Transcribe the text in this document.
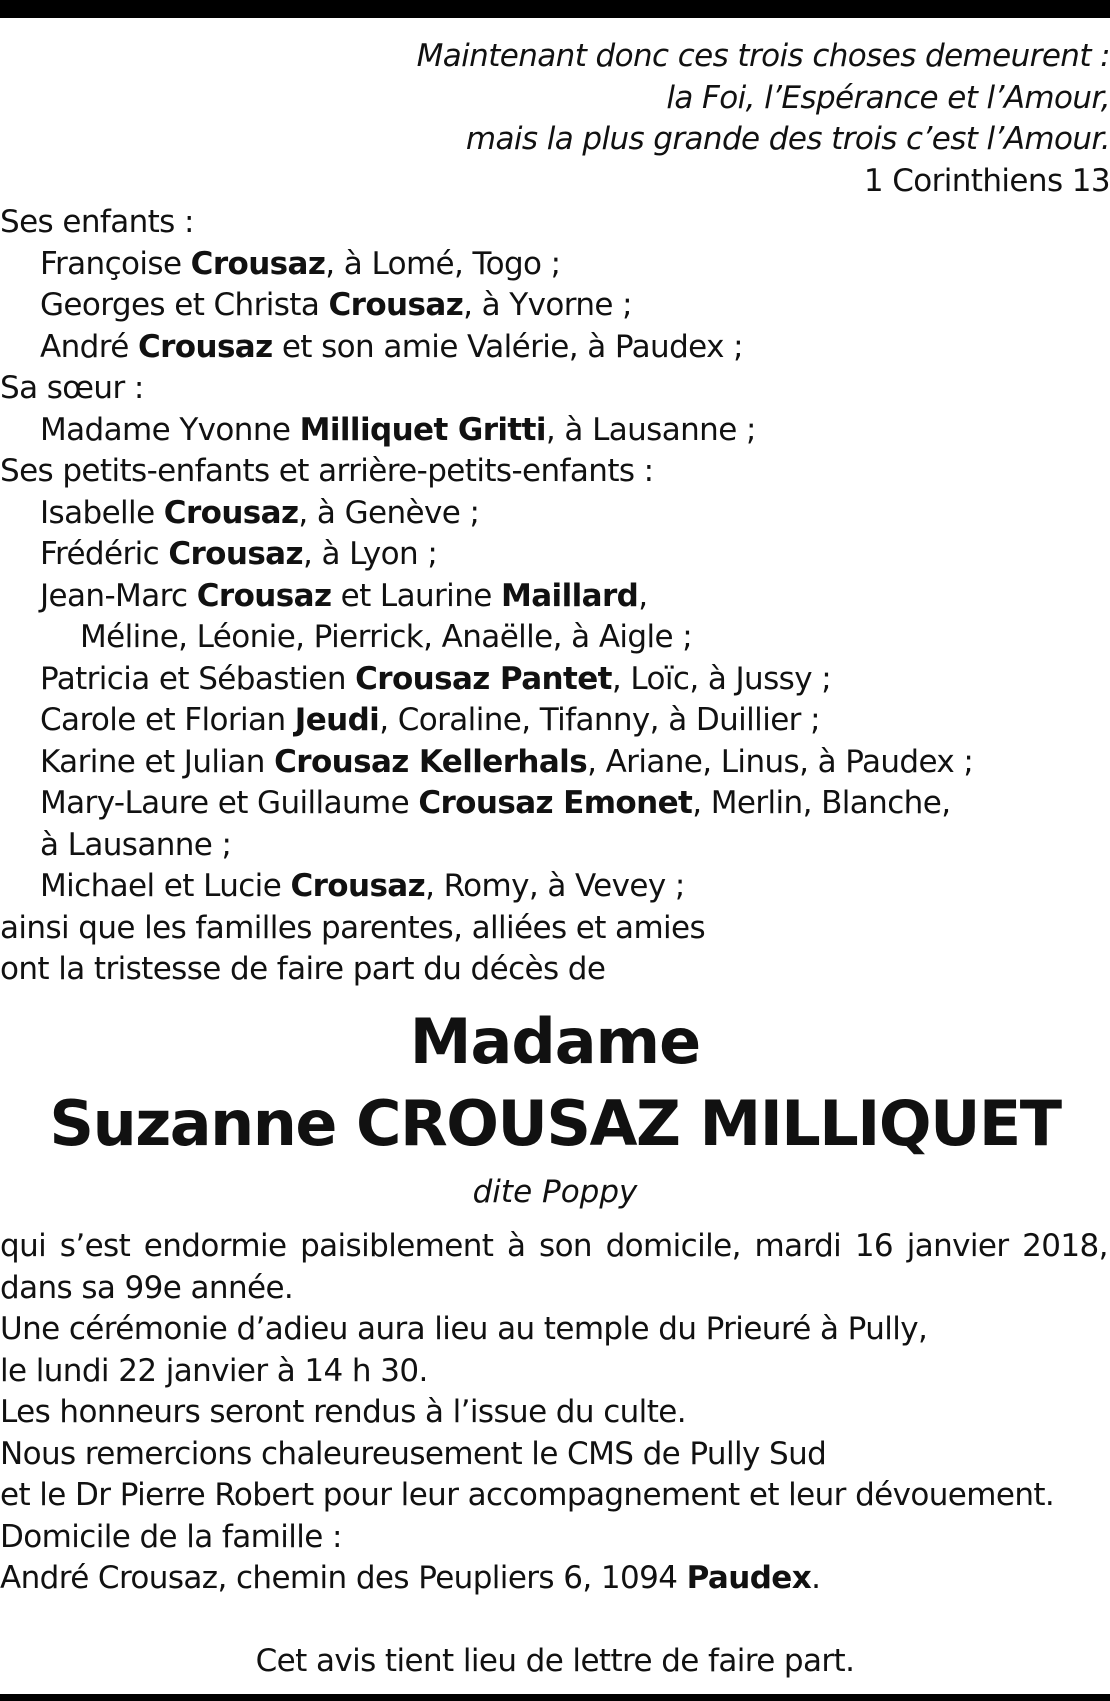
Maintenant donc ces trois choses demeurent :
la Foi, l’Espérance et l’Amour,
mais la plus grande des trois c’est l’Amour.
1 Corinthiens 13
Ses enfants :
Françoise Crousaz, à Lomé, Togo ;
Georges et Christa Crousaz, à Yvorne ;
André Crousaz et son amie Valérie, à Paudex ;
Sa sœur :
Madame Yvonne Milliquet Gritti, à Lausanne ;
Ses petits-enfants et arrière-petits-enfants :
Isabelle Crousaz, à Genève ;
Frédéric Crousaz, à Lyon ;
Jean-Marc Crousaz et Laurine Maillard,
Méline, Léonie, Pierrick, Anaëlle, à Aigle ;
Patricia et Sébastien Crousaz Pantet, Loïc, à Jussy ;
Carole et Florian Jeudi, Coraline, Tifanny, à Duillier ;
Karine et Julian Crousaz Kellerhals, Ariane, Linus, à Paudex ;
Mary-Laure et Guillaume Crousaz Emonet, Merlin, Blanche,
à Lausanne ;
Michael et Lucie Crousaz, Romy, à Vevey ;
ainsi que les familles parentes, alliées et amies
ont la tristesse de faire part du décès de
Madame
Suzanne CROUSAZ MILLIQUET
dite Poppy
qui s’est endormie paisiblement à son domicile, mardi 16 janvier 2018,
dans sa 99e année.
Une cérémonie d’adieu aura lieu au temple du Prieuré à Pully,
le lundi 22 janvier à 14 h 30.
Les honneurs seront rendus à l’issue du culte.
Nous remercions chaleureusement le CMS de Pully Sud
et le Dr Pierre Robert pour leur accompagnement et leur dévouement.
Domicile de la famille :
André Crousaz, chemin des Peupliers 6, 1094 Paudex.
Cet avis tient lieu de lettre de faire part.
